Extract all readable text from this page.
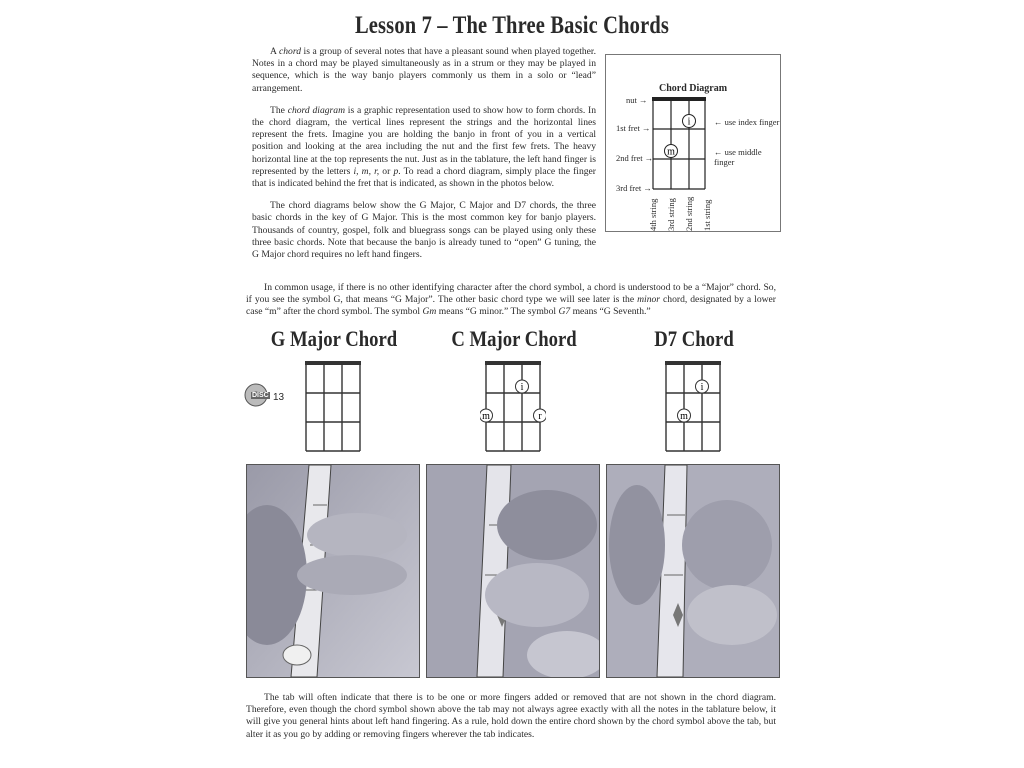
Lesson 7 – The Three Basic Chords

A chord is a group of several notes that have a pleasant sound when played together. Notes in a chord may be played simultaneously as in a strum or they may be played in sequence, which is the way banjo players commonly us them in a solo or “lead” arrangement.

The chord diagram is a graphic representation used to show how to form chords. In the chord diagram, the vertical lines represent the strings and the horizontal lines represent the frets. Imagine you are holding the banjo in front of you in a vertical position and looking at the area including the nut and the first few frets. The heavy horizontal line at the top represents the nut. Just as in the tablature, the left hand finger is represented by the letters i, m, r, or p. To read a chord diagram, simply place the finger that is indicated behind the fret that is indicated, as shown in the photos below.

The chord diagrams below show the G Major, C Major and D7 chords, the three basic chords in the key of G Major. This is the most common key for banjo players. Thousands of country, gospel, folk and bluegrass songs can be played using only these three basic chords. Note that because the banjo is already tuned to “open” G tuning, the G Major chord requires no left hand fingers.

Chord Diagram
nut →
1st fret →
2nd fret →
3rd fret →
i
m
← use index finger
← use middle finger
4th string 3rd string 2nd string 1st string

In common usage, if there is no other identifying character after the chord symbol, a chord is understood to be a “Major” chord. So, if you see the symbol G, that means “G Major”. The other basic chord type we will see later is the minor chord, designated by a lower case “m” after the chord symbol. The symbol Gm means “G minor.” The symbol G7 means “G Seventh.”

G Major Chord	C Major Chord	D7 Chord
DISC 13
i
m	r
i
m

The tab will often indicate that there is to be one or more fingers added or removed that are not shown in the chord diagram. Therefore, even though the chord symbol shown above the tab may not always agree exactly with all the notes in the tablature below, it will give you general hints about left hand fingering. As a rule, hold down the entire chord shown by the chord symbol above the tab, but alter it as you go by adding or removing fingers wherever the tab indicates.
